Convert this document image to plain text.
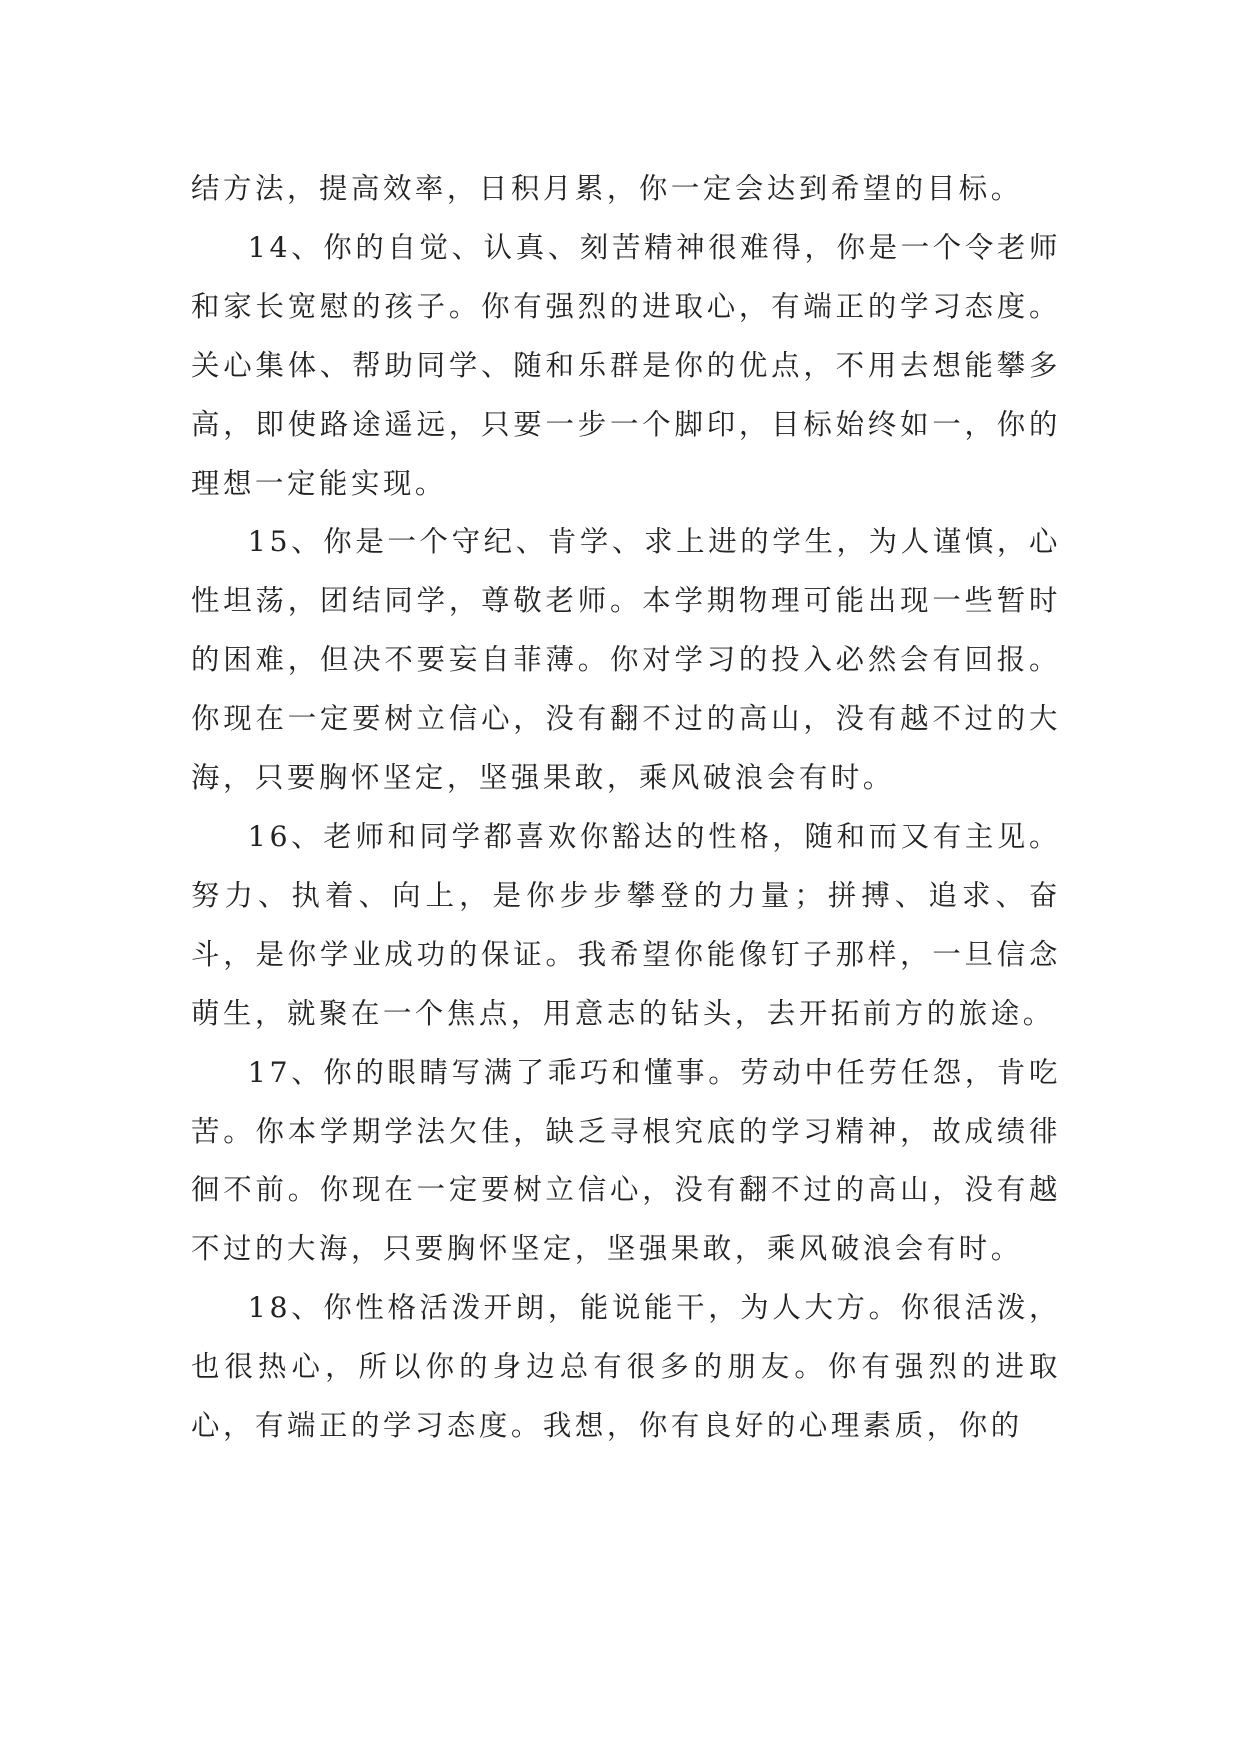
结方法，提高效率，日积月累，你一定会达到希望的目标。

14、你的自觉、认真、刻苦精神很难得，你是一个令老师和家长宽慰的孩子。你有强烈的进取心，有端正的学习态度。关心集体、帮助同学、随和乐群是你的优点，不用去想能攀多高，即使路途遥远，只要一步一个脚印，目标始终如一，你的理想一定能实现。

15、你是一个守纪、肯学、求上进的学生，为人谨慎，心性坦荡，团结同学，尊敬老师。本学期物理可能出现一些暂时的困难，但决不要妄自菲薄。你对学习的投入必然会有回报。你现在一定要树立信心，没有翻不过的高山，没有越不过的大海，只要胸怀坚定，坚强果敢，乘风破浪会有时。

16、老师和同学都喜欢你豁达的性格，随和而又有主见。努力、执着、向上，是你步步攀登的力量；拼搏、追求、奋斗，是你学业成功的保证。我希望你能像钉子那样，一旦信念萌生，就聚在一个焦点，用意志的钻头，去开拓前方的旅途。

17、你的眼睛写满了乖巧和懂事。劳动中任劳任怨，肯吃苦。你本学期学法欠佳，缺乏寻根究底的学习精神，故成绩徘徊不前。你现在一定要树立信心，没有翻不过的高山，没有越不过的大海，只要胸怀坚定，坚强果敢，乘风破浪会有时。

18、你性格活泼开朗，能说能干，为人大方。你很活泼，也很热心，所以你的身边总有很多的朋友。你有强烈的进取心，有端正的学习态度。我想，你有良好的心理素质，你的
